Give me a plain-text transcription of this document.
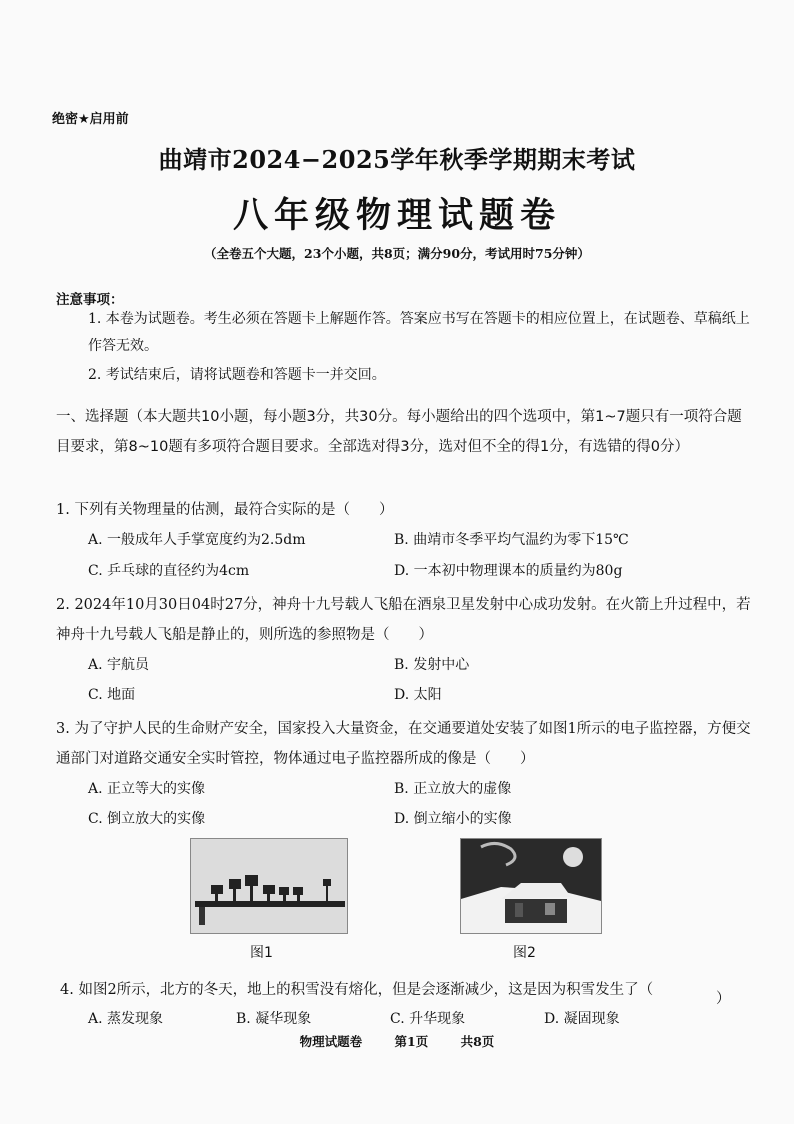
绝密★启用前
曲靖市2024−2025学年秋季学期期末考试
八年级物理试题卷
（全卷五个大题，23个小题，共8页；满分90分，考试用时75分钟）
注意事项：
1. 本卷为试题卷。考生必须在答题卡上解题作答。答案应书写在答题卡的相应位置上，在试题卷、草稿纸上作答无效。
2. 考试结束后，请将试题卷和答题卡一并交回。
一、选择题（本大题共10小题，每小题3分，共30分。每小题给出的四个选项中，第1~7题只有一项符合题目要求，第8~10题有多项符合题目要求。全部选对得3分，选对但不全的得1分，有选错的得0分）
1. 下列有关物理量的估测，最符合实际的是（　　）
A. 一般成年人手掌宽度约为2.5dm	B. 曲靖市冬季平均气温约为零下15℃
C. 乒乓球的直径约为4cm	D. 一本初中物理课本的质量约为80g
2. 2024年10月30日04时27分，神舟十九号载人飞船在酒泉卫星发射中心成功发射。在火箭上升过程中，若神舟十九号载人飞船是静止的，则所选的参照物是（　　）
A. 宇航员	B. 发射中心
C. 地面	D. 太阳
3. 为了守护人民的生命财产安全，国家投入大量资金，在交通要道处安装了如图1所示的电子监控器，方便交通部门对道路交通安全实时管控，物体通过电子监控器所成的像是（　　）
A. 正立等大的实像	B. 正立放大的虚像
C. 倒立放大的实像	D. 倒立缩小的实像
图1	图2
4. 如图2所示，北方的冬天，地上的积雪没有熔化，但是会逐渐减少，这是因为积雪发生了（
）
A. 蒸发现象	B. 凝华现象	C. 升华现象	D. 凝固现象
物理试题卷	第1页	共8页
